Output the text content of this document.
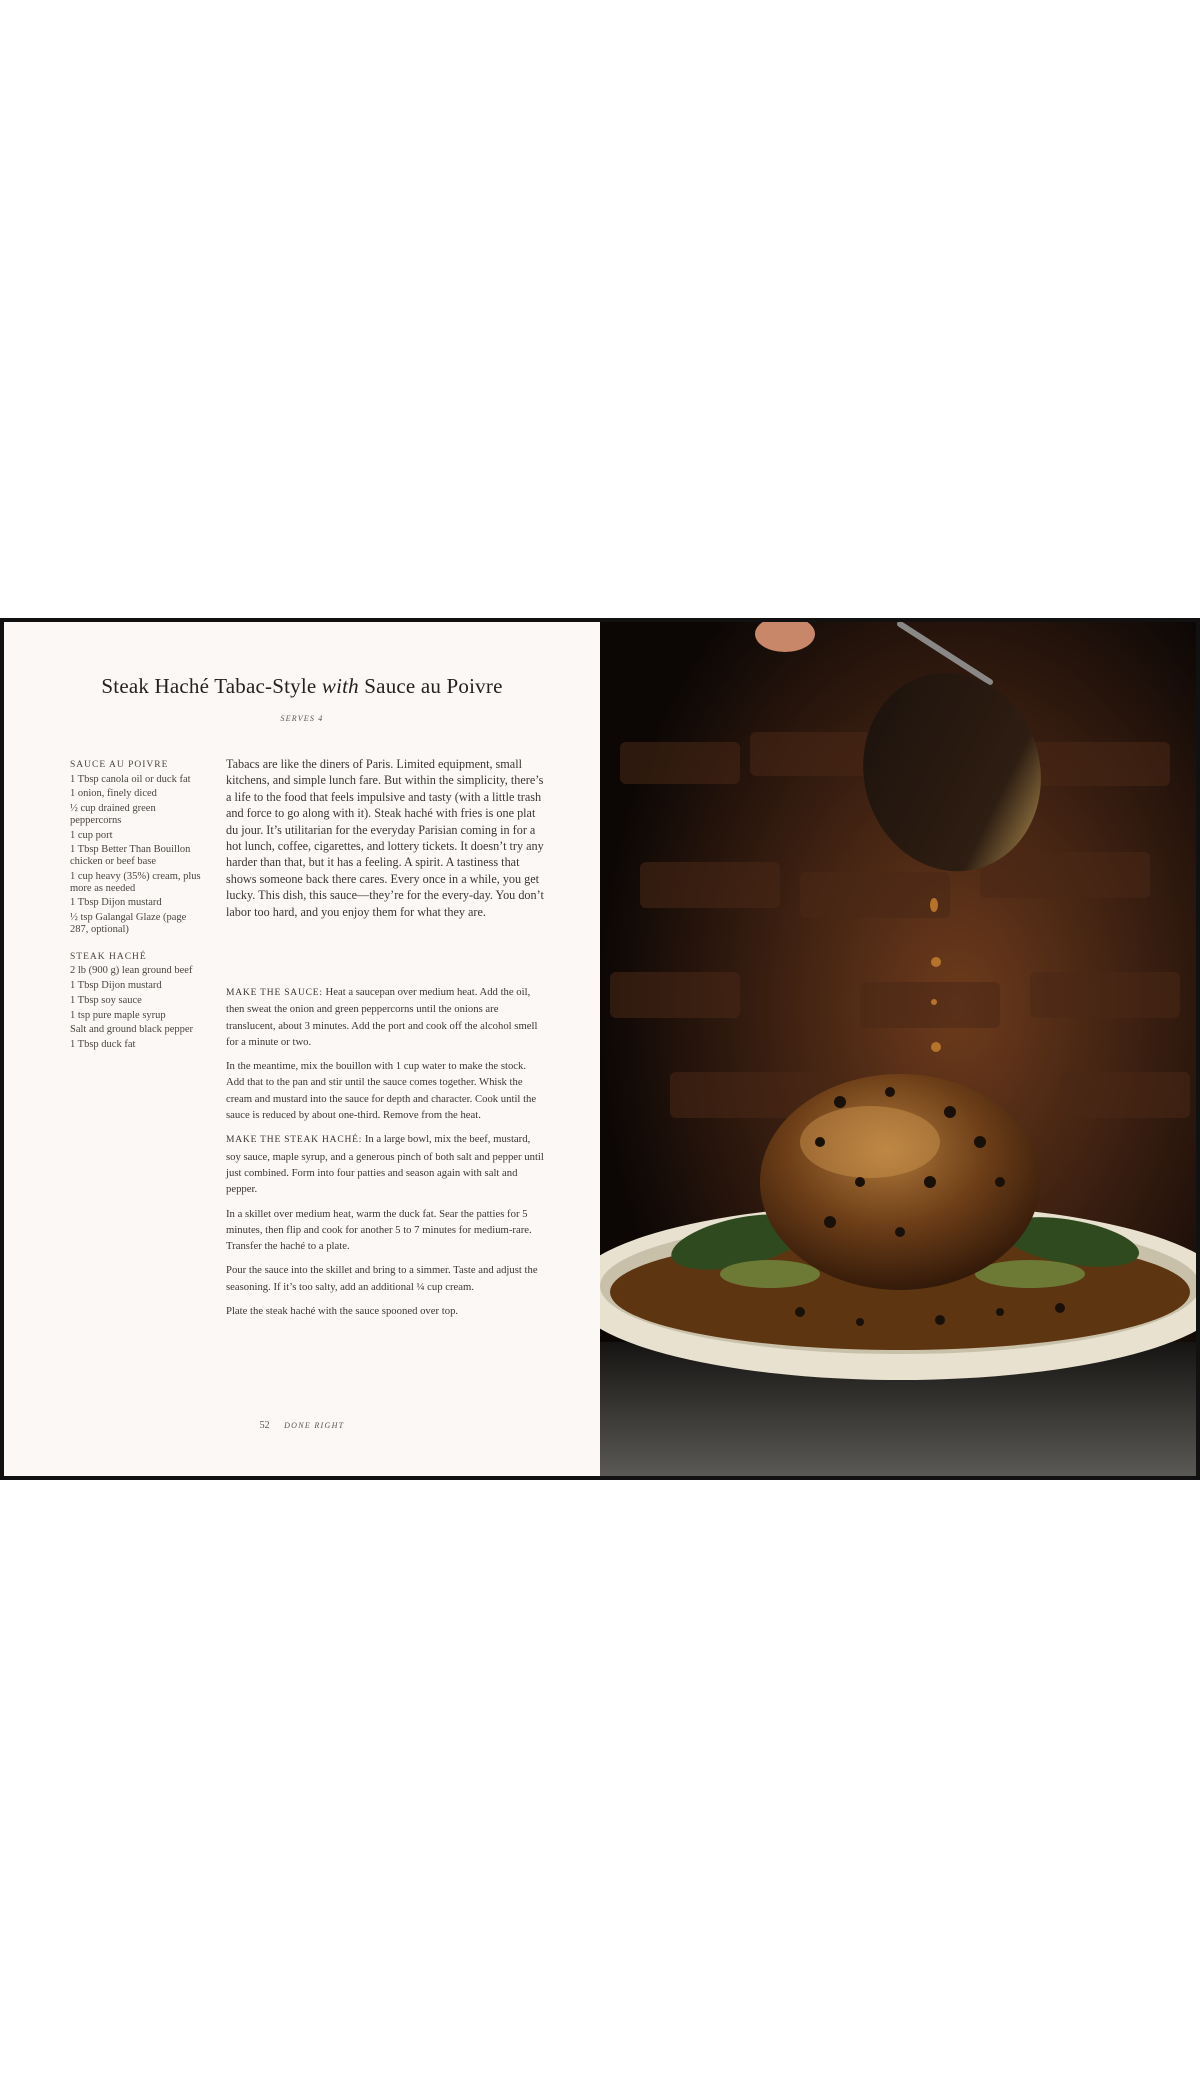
Steak Haché Tabac-Style with Sauce au Poivre
SERVES 4
SAUCE AU POIVRE
1 Tbsp canola oil or duck fat
1 onion, finely diced
½ cup drained green peppercorns
1 cup port
1 Tbsp Better Than Bouillon chicken or beef base
1 cup heavy (35%) cream, plus more as needed
1 Tbsp Dijon mustard
½ tsp Galangal Glaze (page 287, optional)
STEAK HACHÉ
2 lb (900 g) lean ground beef
1 Tbsp Dijon mustard
1 Tbsp soy sauce
1 tsp pure maple syrup
Salt and ground black pepper
1 Tbsp duck fat

Tabacs are like the diners of Paris. Limited equipment, small kitchens, and simple lunch fare. But within the simplicity, there’s a life to the food that feels impulsive and tasty (with a little trash and force to go along with it). Steak haché with fries is one plat du jour. It’s utilitarian for the everyday Parisian coming in for a hot lunch, coffee, cigarettes, and lottery tickets. It doesn’t try any harder than that, but it has a feeling. A spirit. A tastiness that shows someone back there cares. Every once in a while, you get lucky. This dish, this sauce—they’re for the every-day. You don’t labor too hard, and you enjoy them for what they are.

MAKE THE SAUCE: Heat a saucepan over medium heat. Add the oil, then sweat the onion and green peppercorns until the onions are translucent, about 3 minutes. Add the port and cook off the alcohol smell for a minute or two.

In the meantime, mix the bouillon with 1 cup water to make the stock. Add that to the pan and stir until the sauce comes together. Whisk the cream and mustard into the sauce for depth and character. Cook until the sauce is reduced by about one-third. Remove from the heat.

MAKE THE STEAK HACHÉ: In a large bowl, mix the beef, mustard, soy sauce, maple syrup, and a generous pinch of both salt and pepper until just combined. Form into four patties and season again with salt and pepper.

In a skillet over medium heat, warm the duck fat. Sear the patties for 5 minutes, then flip and cook for another 5 to 7 minutes for medium-rare. Transfer the haché to a plate.

Pour the sauce into the skillet and bring to a simmer. Taste and adjust the seasoning. If it’s too salty, add an additional ¼ cup cream.

Plate the steak haché with the sauce spooned over top.

52 DONE RIGHT
